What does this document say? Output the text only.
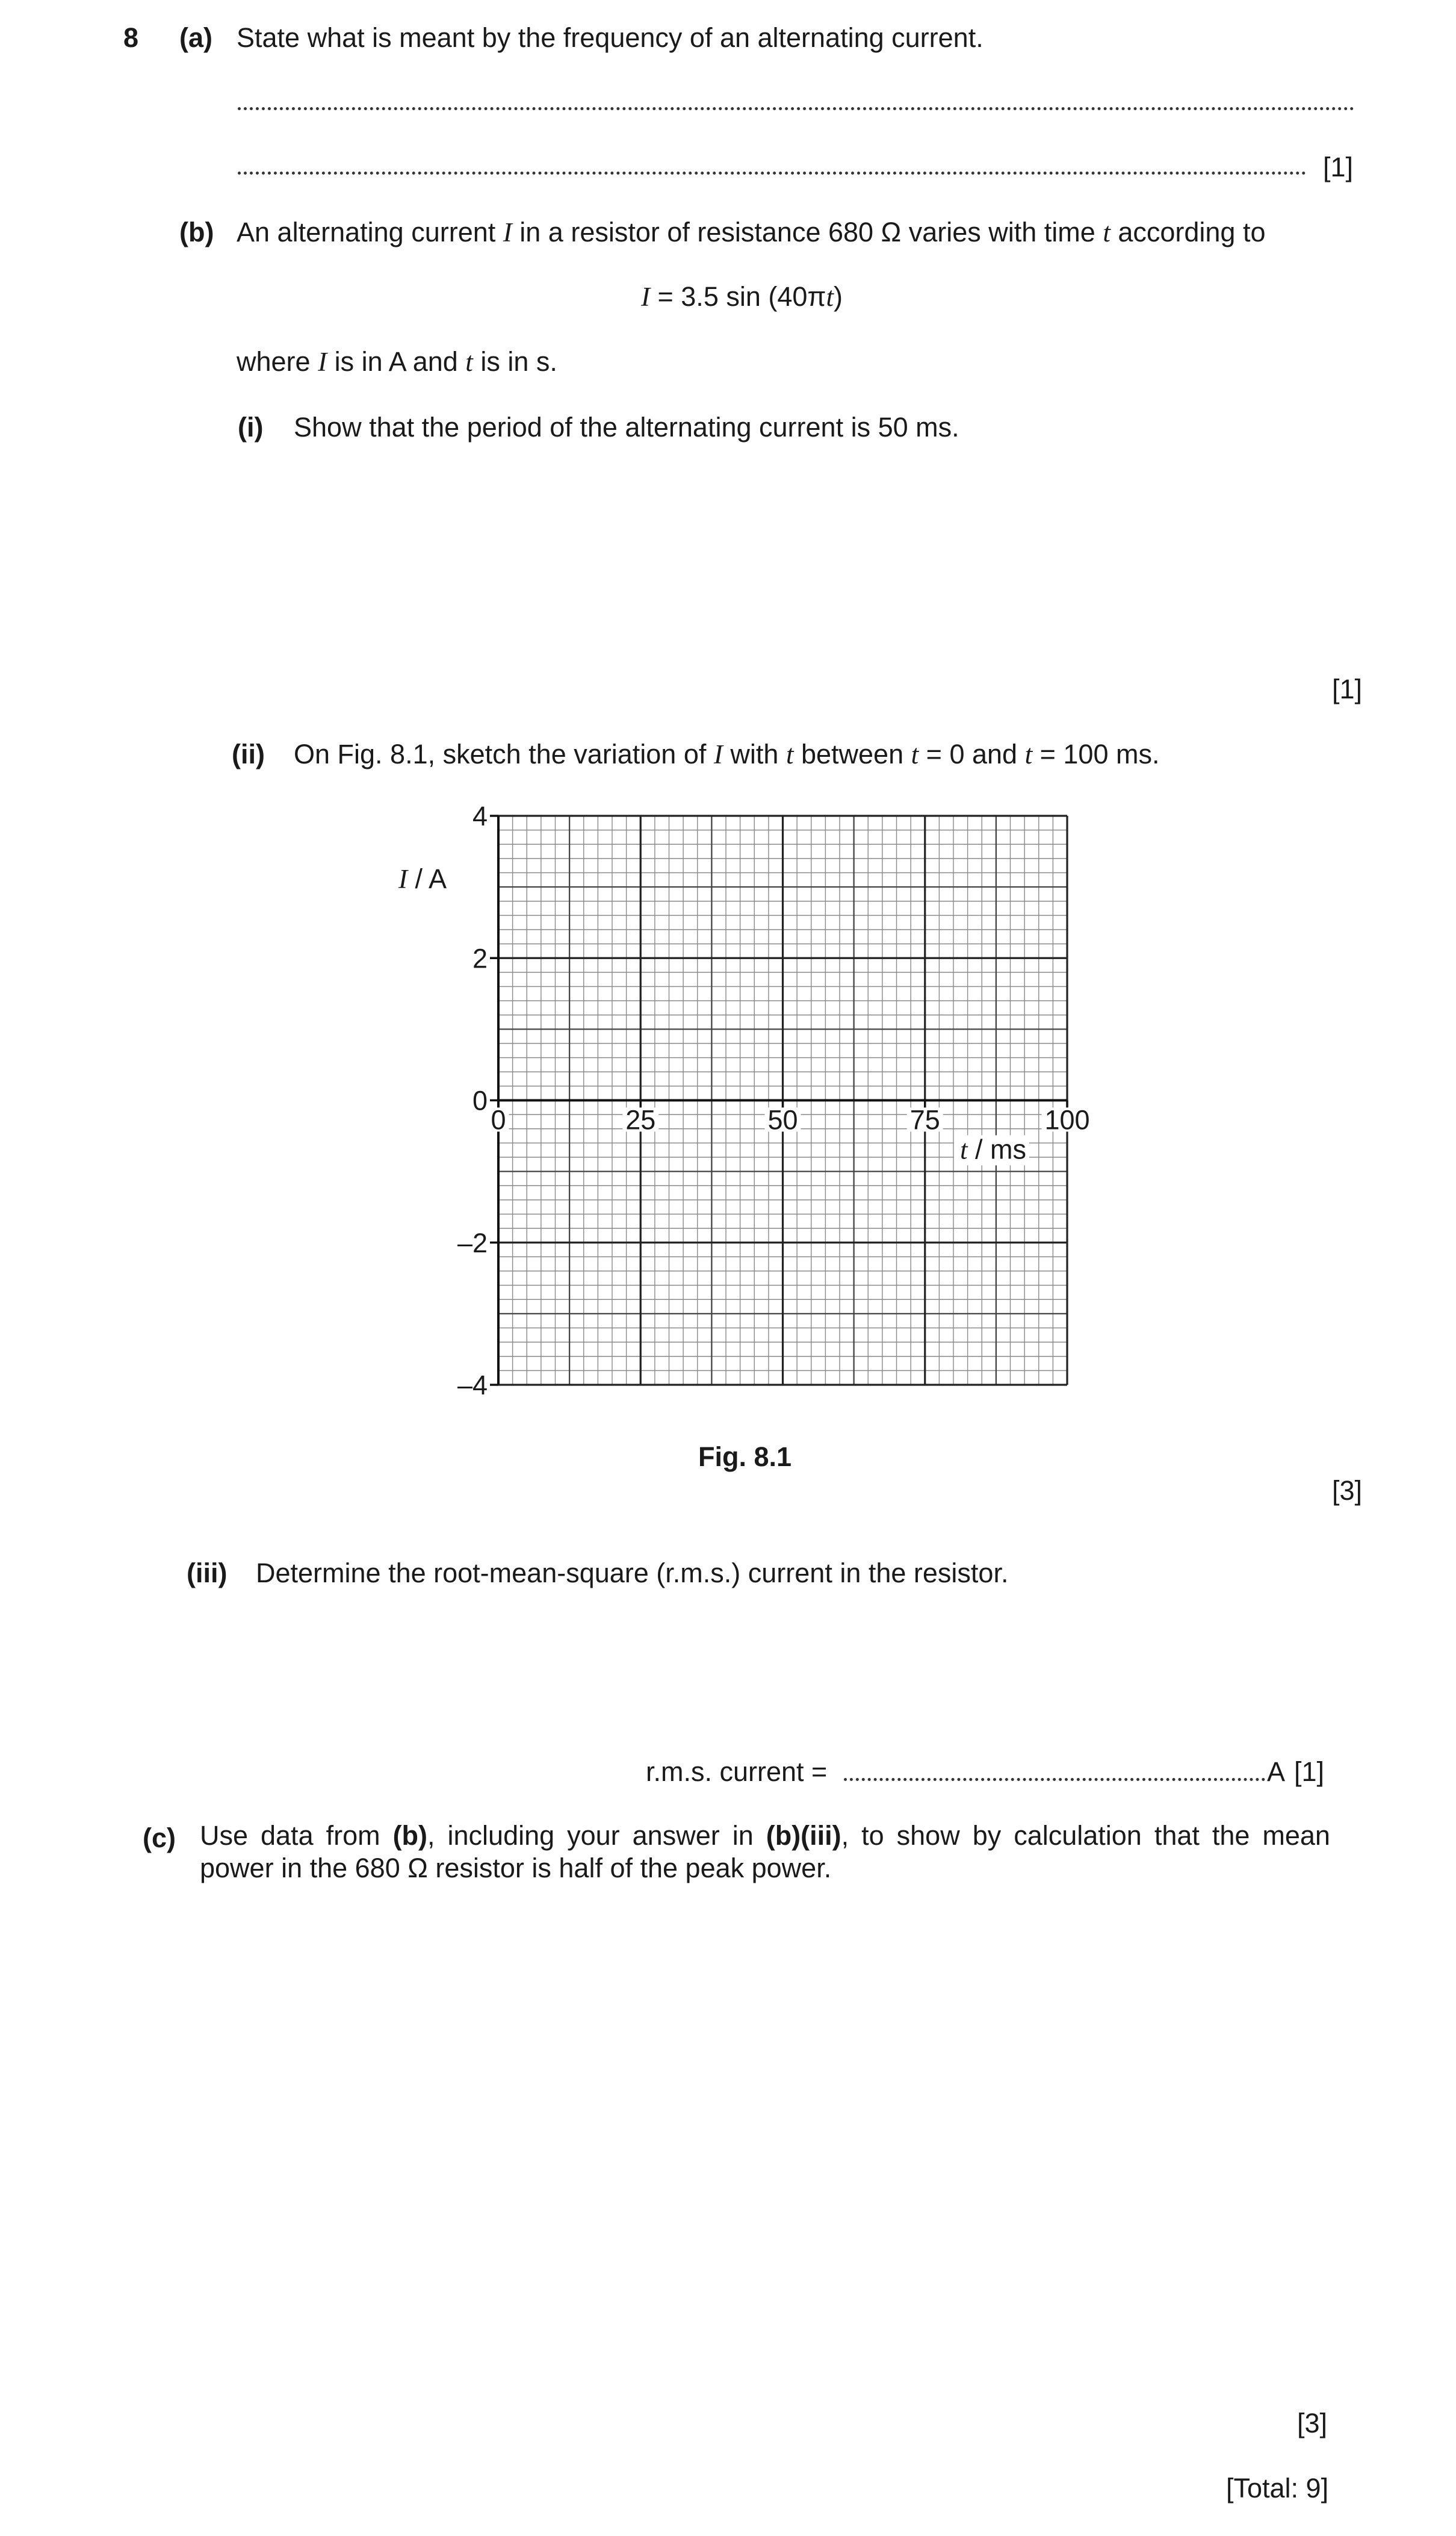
8 (a) State what is meant by the frequency of an alternating current.
[1]
(b) An alternating current I in a resistor of resistance 680 Ω varies with time t according to
I = 3.5 sin (40πt)
where I is in A and t is in s.
(i) Show that the period of the alternating current is 50 ms.
[1]
(ii) On Fig. 8.1, sketch the variation of I with t between t = 0 and t = 100 ms.
4
2
0
–2
–4
0	25	50	75	100
I / A
t / ms
Fig. 8.1
[3]
(iii) Determine the root-mean-square (r.m.s.) current in the resistor.
r.m.s. current =	A [1]
(c) Use data from (b), including your answer in (b)(iii), to show by calculation that the mean power in the 680 Ω resistor is half of the peak power.
[3]
[Total: 9]
